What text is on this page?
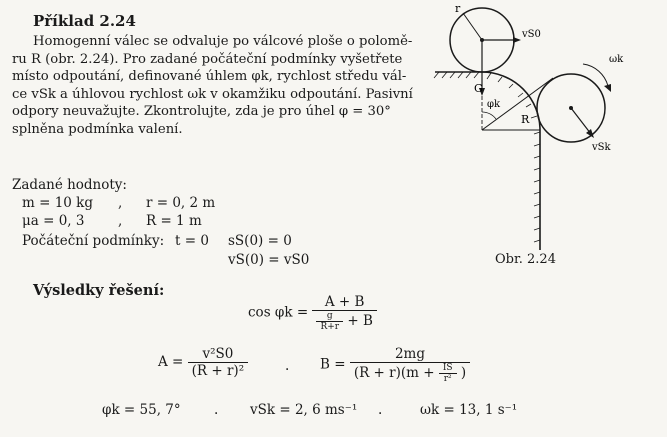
Příklad 2.24
Homogenní válec se odvaluje po válcové ploše o polomě-
ru R (obr. 2.24). Pro zadané počáteční podmínky vyšetřete
místo odpoutání, definované úhlem φk, rychlost středu vál-
ce vSk a úhlovou rychlost ωk v okamžiku odpoutání. Pasivní
odpory neuvažujte. Zkontrolujte, zda je pro úhel φ = 30°
splněna podmínka valení.
r
vS0
G
φk
R
ωk
vSk
Obr. 2.24
Zadané hodnoty:
m = 10 kg , r = 0, 2 m
μa = 0, 3 , R = 1 m
Počáteční podmínky: t = 0 sS(0) = 0
vS(0) = vS0
Výsledky řešení:
$\cos \varphi k = \frac{A + B}{\frac{g}{R+r} + B}$
$A = \frac{\text{v²S0}}{\text{(R + r)²}}$	. $B = \frac{2mg}{(R + r)(m + \frac{IS}{\text{r²}} )}$
φk = 55, 7° . vSk = 2, 6 ms⁻¹ .	ωk = 13, 1 s⁻¹
